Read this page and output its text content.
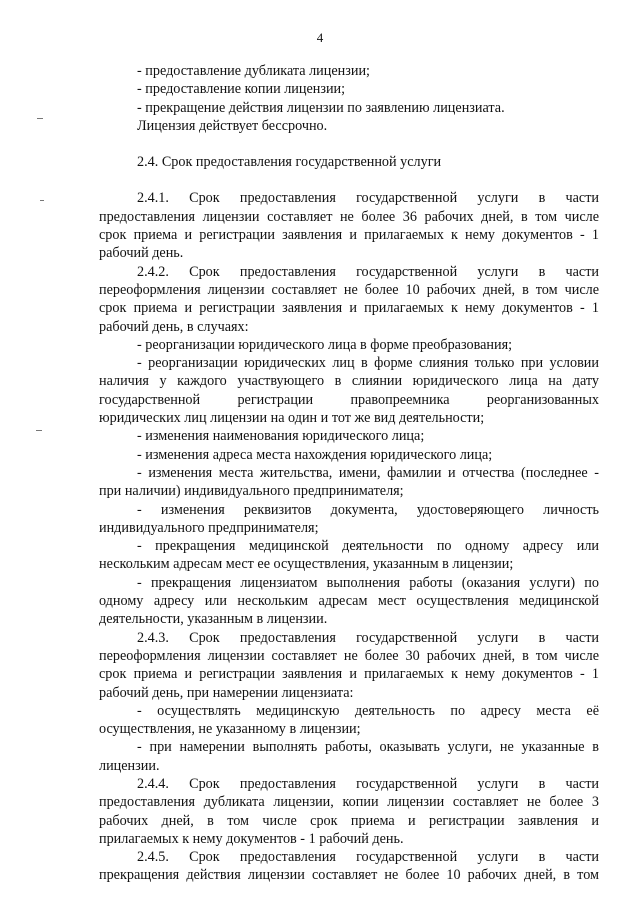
4
- предоставление дубликата лицензии;
- предоставление копии лицензии;
- прекращение действия лицензии по заявлению лицензиата.
Лицензия действует бессрочно.
2.4. Срок предоставления государственной услуги
2.4.1. Срок предоставления государственной услуги в части
предоставления лицензии составляет не более 36 рабочих дней, в том числе
срок приема и регистрации заявления и прилагаемых к нему документов - 1
рабочий день.
2.4.2. Срок предоставления государственной услуги в части
переоформления лицензии составляет не более 10 рабочих дней, в том числе
срок приема и регистрации заявления и прилагаемых к нему документов - 1
рабочий день, в случаях:
- реорганизации юридического лица в форме преобразования;
- реорганизации юридических лиц в форме слияния только при условии
наличия у каждого участвующего в слиянии юридического лица на дату
государственной регистрации правопреемника реорганизованных
юридических лиц лицензии на один и тот же вид деятельности;
- изменения наименования юридического лица;
- изменения адреса места нахождения юридического лица;
- изменения места жительства, имени, фамилии и отчества (последнее -
при наличии) индивидуального предпринимателя;
- изменения реквизитов документа, удостоверяющего личность
индивидуального предпринимателя;
- прекращения медицинской деятельности по одному адресу или
нескольким адресам мест ее осуществления, указанным в лицензии;
- прекращения лицензиатом выполнения работы (оказания услуги) по
одному адресу или нескольким адресам мест осуществления медицинской
деятельности, указанным в лицензии.
2.4.3. Срок предоставления государственной услуги в части
переоформления лицензии составляет не более 30 рабочих дней, в том числе
срок приема и регистрации заявления и прилагаемых к нему документов - 1
рабочий день, при намерении лицензиата:
- осуществлять медицинскую деятельность по адресу места её
осуществления, не указанному в лицензии;
- при намерении выполнять работы, оказывать услуги, не указанные в
лицензии.
2.4.4. Срок предоставления государственной услуги в части
предоставления дубликата лицензии, копии лицензии составляет не более 3
рабочих дней, в том числе срок приема и регистрации заявления и
прилагаемых к нему документов - 1 рабочий день.
2.4.5. Срок предоставления государственной услуги в части
прекращения действия лицензии составляет не более 10 рабочих дней, в том
